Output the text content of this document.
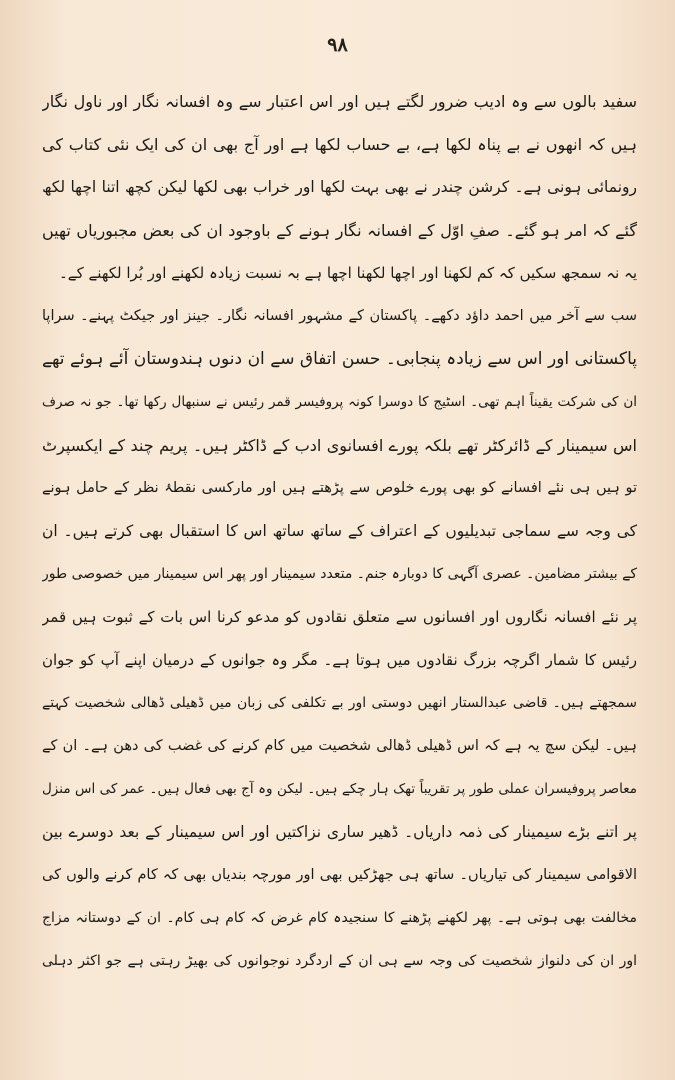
۹۸
سفید بالوں سے وہ ادیب ضرور لگتے ہیں اور اس اعتبار سے وہ افسانہ نگار اور ناول نگار
ہیں کہ انھوں نے بے پناہ لکھا ہے، بے حساب لکھا ہے اور آج بھی ان کی ایک نئی کتاب کی
رونمائی ہونی ہے۔ کرشن چندر نے بھی بہت لکھا اور خراب بھی لکھا لیکن کچھ اتنا اچھا لکھ
گئے کہ امر ہو گئے۔ صفِ اوّل کے افسانہ نگار ہونے کے باوجود ان کی بعض مجبوریاں تھیں
یہ نہ سمجھ سکیں کہ کم لکھنا اور اچھا لکھنا اچھا ہے بہ نسبت زیادہ لکھنے اور بُرا لکھنے کے۔
سب سے آخر میں احمد داؤد دکھے۔ پاکستان کے مشہور افسانہ نگار۔ جینز اور جیکٹ پہنے۔ سراپا
پاکستانی اور اس سے زیادہ پنجابی۔ حسن اتفاق سے ان دنوں ہندوستان آئے ہوئے تھے
ان کی شرکت یقیناً اہم تھی۔ اسٹیج کا دوسرا کونہ پروفیسر قمر رئیس نے سنبھال رکھا تھا۔ جو نہ صرف
اس سیمینار کے ڈائرکٹر تھے بلکہ پورے افسانوی ادب کے ڈاکٹر ہیں۔ پریم چند کے ایکسپرٹ
تو ہیں ہی نئے افسانے کو بھی پورے خلوص سے پڑھتے ہیں اور مارکسی نقطۂ نظر کے حامل ہونے
کی وجہ سے سماجی تبدیلیوں کے اعتراف کے ساتھ ساتھ اس کا استقبال بھی کرتے ہیں۔ ان
کے بیشتر مضامین۔ عصری آگہی کا دوبارہ جنم۔ متعدد سیمینار اور پھر اس سیمینار میں خصوصی طور
پر نئے افسانہ نگاروں اور افسانوں سے متعلق نقادوں کو مدعو کرنا اس بات کے ثبوت ہیں قمر
رئیس کا شمار اگرچہ بزرگ نقادوں میں ہوتا ہے۔ مگر وہ جوانوں کے درمیان اپنے آپ کو جوان
سمجھتے ہیں۔ قاضی عبدالستار انھیں دوستی اور بے تکلفی کی زبان میں ڈھیلی ڈھالی شخصیت کہتے
ہیں۔ لیکن سچ یہ ہے کہ اس ڈھیلی ڈھالی شخصیت میں کام کرنے کی غضب کی دھن ہے۔ ان کے
معاصر پروفیسران عملی طور پر تقریباً تھک ہار چکے ہیں۔ لیکن وہ آج بھی فعال ہیں۔ عمر کی اس منزل
پر اتنے بڑے سیمینار کی ذمہ داریاں۔ ڈھیر ساری نزاکتیں اور اس سیمینار کے بعد دوسرے بین
الاقوامی سیمینار کی تیاریاں۔ ساتھ ہی جھڑکیں بھی اور مورچہ بندیاں بھی کہ کام کرنے والوں کی
مخالفت بھی ہوتی ہے۔ پھر لکھنے پڑھنے کا سنجیدہ کام غرض کہ کام ہی کام۔ ان کے دوستانہ مزاج
اور ان کی دلنواز شخصیت کی وجہ سے ہی ان کے اردگرد نوجوانوں کی بھیڑ رہتی ہے جو اکثر دہلی
